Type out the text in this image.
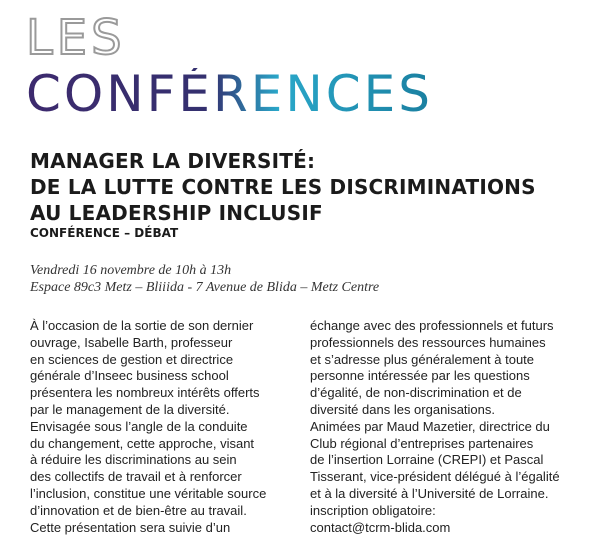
LES
CONFÉRENCES
MANAGER LA DIVERSITÉ:
DE LA LUTTE CONTRE LES DISCRIMINATIONS
AU LEADERSHIP INCLUSIF
CONFÉRENCE – DÉBAT
Vendredi 16 novembre de 10h à 13h
Espace 89c3 Metz – Bliiida - 7 Avenue de Blida – Metz Centre
À l’occasion de la sortie de son dernier
ouvrage, Isabelle Barth, professeur
en sciences de gestion et directrice
générale d’Inseec business school
présentera les nombreux intérêts offerts
par le management de la diversité.
Envisagée sous l’angle de la conduite
du changement, cette approche, visant
à réduire les discriminations au sein
des collectifs de travail et à renforcer
l’inclusion, constitue une véritable source
d’innovation et de bien-être au travail.
Cette présentation sera suivie d’un
échange avec des professionnels et futurs
professionnels des ressources humaines
et s’adresse plus généralement à toute
personne intéressée par les questions
d’égalité, de non-discrimination et de
diversité dans les organisations.
Animées par Maud Mazetier, directrice du
Club régional d’entreprises partenaires
de l’insertion Lorraine (CREPI) et Pascal
Tisserant, vice-président délégué à l’égalité
et à la diversité à l’Université de Lorraine.
inscription obligatoire:
contact@tcrm-blida.com
